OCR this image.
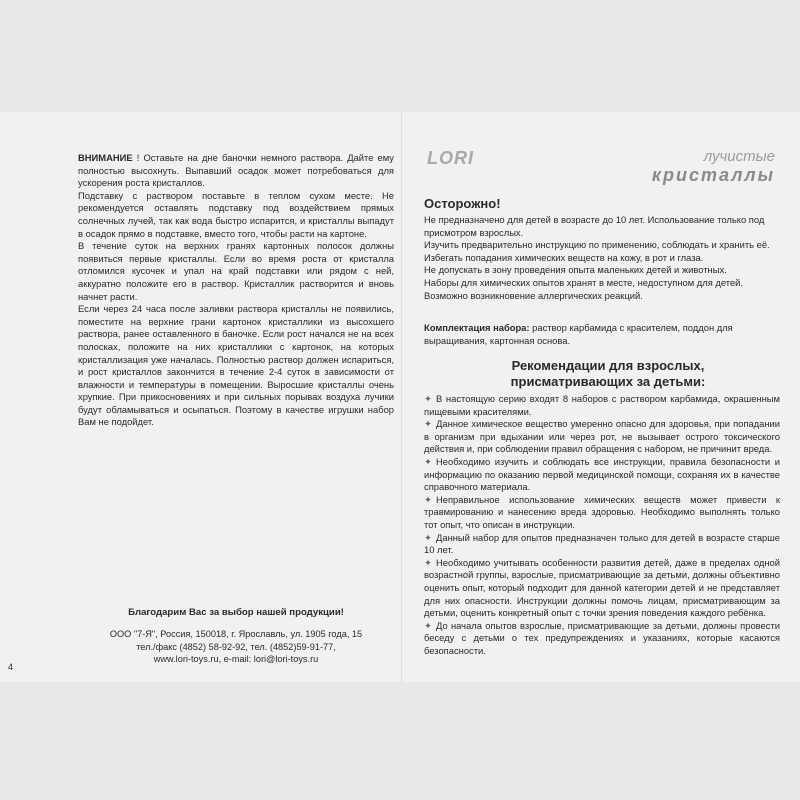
ВНИМАНИЕ ! Оставьте на дне баночки немного раствора. Дайте ему полностью высохнуть. Выпавший осадок может потребоваться для ускорения роста кристаллов.

Подставку с раствором поставьте в теплом сухом месте. Не рекомендуется оставлять подставку под воздействием прямых солнечных лучей, так как вода быстро испарится, и кристаллы выпадут в осадок прямо в подставке, вместо того, чтобы расти на картоне.

В течение суток на верхних гранях картонных полосок должны появиться первые кристаллы. Если во время роста от кристалла отломился кусочек и упал на край подставки или рядом с ней, аккуратно положите его в раствор. Кристаллик растворится и вновь начнет расти.

Если через 24 часа после заливки раствора кристаллы не появились, поместите на верхние грани картонок кристаллики из высохшего раствора, ранее оставленного в баночке. Если рост начался не на всех полосках, положите на них кристаллики с картонок, на которых кристаллизация уже началась. Полностью раствор должен испариться, и рост кристаллов закончится в течение 2-4 суток в зависимости от влажности и температуры в помещении. Выросшие кристаллы очень хрупкие. При прикосновениях и при сильных порывах воздуха лучики будут обламываться и осыпаться. Поэтому в качестве игрушки набор Вам не подойдет.

Благодарим Вас за выбор нашей продукции!

ООО "7-Я", Россия, 150018, г. Ярославль, ул. 1905 года, 15

тел./факс (4852) 58-92-92, тел. (4852)59-91-77,

www.lori-toys.ru, e-mail: lori@lori-toys.ru

4
LORI	лучистые
кристаллы
Осторожно!

Не предназначено для детей в возрасте до 10 лет. Использование только под присмотром взрослых.

Изучить предварительно инструкцию по применению, соблюдать и хранить её.

Избегать попадания химических веществ на кожу, в рот и глаза.

Не допускать в зону проведения опыта маленьких детей и животных.

Наборы для химических опытов хранят в месте, недоступном для детей.

Возможно возникновение аллергических реакций.

Комплектация набора: раствор карбамида с красителем, поддон для выращивания, картонная основа.
Рекомендации для взрослых,
присматривающих за детьми:
✦ В настоящую серию входят 8 наборов с раствором карбамида, окрашенным пищевыми красителями.
✦ Данное химическое вещество умеренно опасно для здоровья, при попадании в организм при вдыхании или через рот, не вызывает острого токсического действия и, при соблюдении правил обращения с набором, не причинит вреда.
✦ Необходимо изучить и соблюдать все инструкции, правила безопасности и информацию по оказанию первой медицинской помощи, сохраняя их в качестве справочного материала.
✦ Неправильное использование химических веществ может привести к травмированию и нанесению вреда здоровью. Необходимо выполнять только тот опыт, что описан в инструкции.
✦ Данный набор для опытов предназначен только для детей в возрасте старше 10 лет.
✦ Необходимо учитывать особенности развития детей, даже в пределах одной возрастной группы, взрослые, присматривающие за детьми, должны объективно оценить опыт, который подходит для данной категории детей и не представляет для них опасности. Инструкции должны помочь лицам, присматривающим за детьми, оценить конкретный опыт с точки зрения поведения каждого ребёнка.
✦ До начала опытов взрослые, присматривающие за детьми, должны провести беседу с детьми о тех предупреждениях и указаниях, которые касаются безопасности.
